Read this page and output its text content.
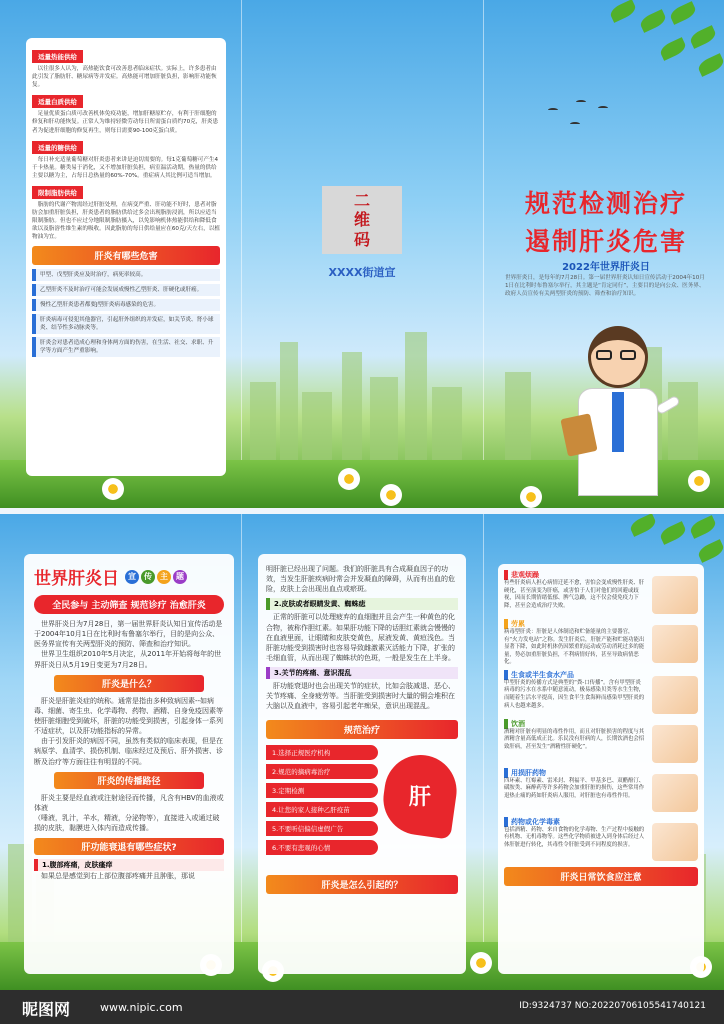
适量热能供给
以往很多人认为，高热能饮食可改善患者临床症状。实际上，许多患者由此引发了脂肪肝、糖尿病等并发症。高热能可增加肝脏负担，影响肝功能恢复。
适量白质供给
足量优质蛋白质可改善机体免疫功能，增加肝糖原贮存，有利于肝细胞的修复和肝功能恢复。正常人为维持轻微劳动每日所需蛋白质约70克，肝炎患者为促进肝细胞的修复再生，则每日需要90-100克蛋白质。
适量的糖供给
每日补充适量葡萄糖对肝炎患者来讲是迫切需要的。每1克葡萄糖可产生4千卡热量。糖类易于消化，又不增加肝脏负担，病室温活动期，热量的供给主要以糖为主，占每日总热量的60%-70%。重症病人其比例可适当增加。
限制脂肪供给
脂肪的代谢产物需经过肝脏处理，在病变严重、肝功能不好时，患者对脂肪会加重肝脏负担，肝炎患者的脂肪供给过多会出现脂肪浸润，所以应适当限制脂肪。但也不应过分地限制脂肪摄入，以免影响机体热能供给和降低食欲以及脂溶性维生素的吸收。因此脂肪的每日供给量应在60克/天左右，以植物油为宜。
肝炎有哪些危害
甲型、戊型肝炎应及时治疗，病死率较高。
乙型肝炎不及时治疗可能会发展成慢性乙型肝炎、肝硬化或肝癌。
慢性乙型肝炎患者都要J型肝炎病毒感染的危害。
肝炎病毒可侵犯其他器官，引起肝外组织的并发症，如关节炎、肾小球炎、结节性多动脉炎等。
肝炎会对患者造成心理和身体两方面的伤害，在生活、社交、求职、升学等方面产生严重影响。
二
维
码
XXXX街道宣
规范检测治疗
遏制肝炎危害
2022年世界肝炎日
世界肝炎日，是每年的7月28日。第一届世界肝炎认知日宣传活动于2004年10月1日在比利时布鲁塞尔举行，其主题是“肯定同行”，主要目的是向公众、医务界、政府人员宣传有关两型肝炎的预防、筛查和治疗知识。
世界肝炎日	宣	传	主	题
全民参与 主动筛查 规范诊疗 治愈肝炎
世界肝炎日为7月28日，第一届世界肝炎认知日宣传活动是于2004年10月1日在比利时布鲁塞尔举行，目的是向公众、医务界宣传有关两型肝炎的预防、筛查和治疗知识。
世界卫生组织2010年5月决定，从2011年开始将每年的世界肝炎日从5月19日变更为7月28日。
肝炎是什么？
肝炎是肝脏炎症的统称。通常是指由多种致病因素--如病毒、细菌、寄生虫、化学毒物、药物、酒精、自身免疫因素等使肝脏细胞受到破坏，肝脏的功能受到损害，引起身体一系列不适症状，以及肝功能指标的异常。
由于引发肝炎的病因不同，虽然有类似的临床表现，但是在病原学、血清学、损伤机制、临床经过及预后、肝外损害、诊断及治疗等方面往往有明显的不同。
肝炎的传播路径
肝炎主要是经血液或注射途径而传播，凡含有HBV的血液或体液
（唾液，乳汁，羊水，精液，分泌物等），直接进入或通过破损的皮肤，黏膜进入体内而造成传播。
肝功能衰退有哪些症状?
1.腹部疼痛，皮肤瘙痒
如果总是感觉到右上部位腹部疼痛并且肿胀，那说
明肝脏已经出现了问题。我们的肝脏具有合成凝血因子的功效，当发生肝脏疾病时常会并发凝血的障碍，从而有出血的危险，皮肤上会出现出血点或瘀斑。
2.皮肤或者眼睛发黄、蜘蛛痣
正常的肝脏可以处理疲弃的血细胞并且会产生一种黄色的化合物，被称作胆红素。如果肝功能下降的话胆红素就会慢慢的在血液里面，让眼睛和皮肤变黄色，尿液发黄、黄疸浅色。当肝脏功能受到损害时也容易导致雌激素灭活能力下降，扩张的毛细血管，从而出现了蜘蛛状的色斑，一般是发生在上半身。
3.关节的疼痛、意识混乱
肝功能衰退时也会出现关节的症状，比如会肢减退、恶心、关节疼痛、全身疲劳等。当肝脏受到损害时大量的铜会堆积在大脑以及血液中，容易引起老年痴呆，意识出现混乱。
规范治疗
1.选择正规医疗机构
2.规范的摘病毒治疗
3.定期检测
4.让您的家人接种乙肝疫苗
5.不要听信偏信虚假广告
6.不要有悲观的心情
肝
肝炎是怎么引起的？
悲观烦躁
有些肝炎病人担心病情迁延不愈，害怕会变成慢性肝炎、肝硬化，甚至演变为肝癌，或害怕于人们对他们的回避或歧视，因而长期情绪低郁、脾气急躁，这不仅会使免疫力下降，甚至会造成治疗失败。
劳累
病毒型肝炎：肝脏是人体制造和贮备能量的主要器官，有“火力发电站”之称。发生肝炎后，肝脏产能和贮能功能出显著下降，如此时机体仍因繁重的运动或劳动消耗过多的能量，势必加重肝脏负担，不利病情好转，甚至导致病情恶化。
生食或半生食水产品
甲型肝炎的传播方式是典型的“粪-口传播”。含有甲型肝炎病毒的污水在水系中随意流动，极易感染贝类等水生生物，而随着生活水平提高，因生食半生食海鲜而感染甲型肝炎的病人也越来越多。
饮酒
酒精对肝脏有明显的毒性作用，而且对肝脏损害的程度与其酒精含量高低成正比。乐民没有肝病的人，长期饮酒也会招致肝病，甚至发生“酒精性肝硬化”。
用损肝药物
四环素、红霉素、雷米封、利福平、甲基多巴、双醋酚汀、磺胺类、麻醉药等许多药物会加重肝脏的损伤，这些常用作退热止痛的药如肝炎病人服用，对肝脏也有毒性作用。
药物或化学毒素
包括酒精、药物、来自食物的化学毒物、生产过程中接触的有机物、无机毒物等。这些化学物质被进入到身体后经过人体肝脏进行转化，其毒性令肝脏受到不同程度的损害。
肝炎日常饮食应注意
昵图网	www.nipic.com	ID:9324737 NO:20220706105541740121
